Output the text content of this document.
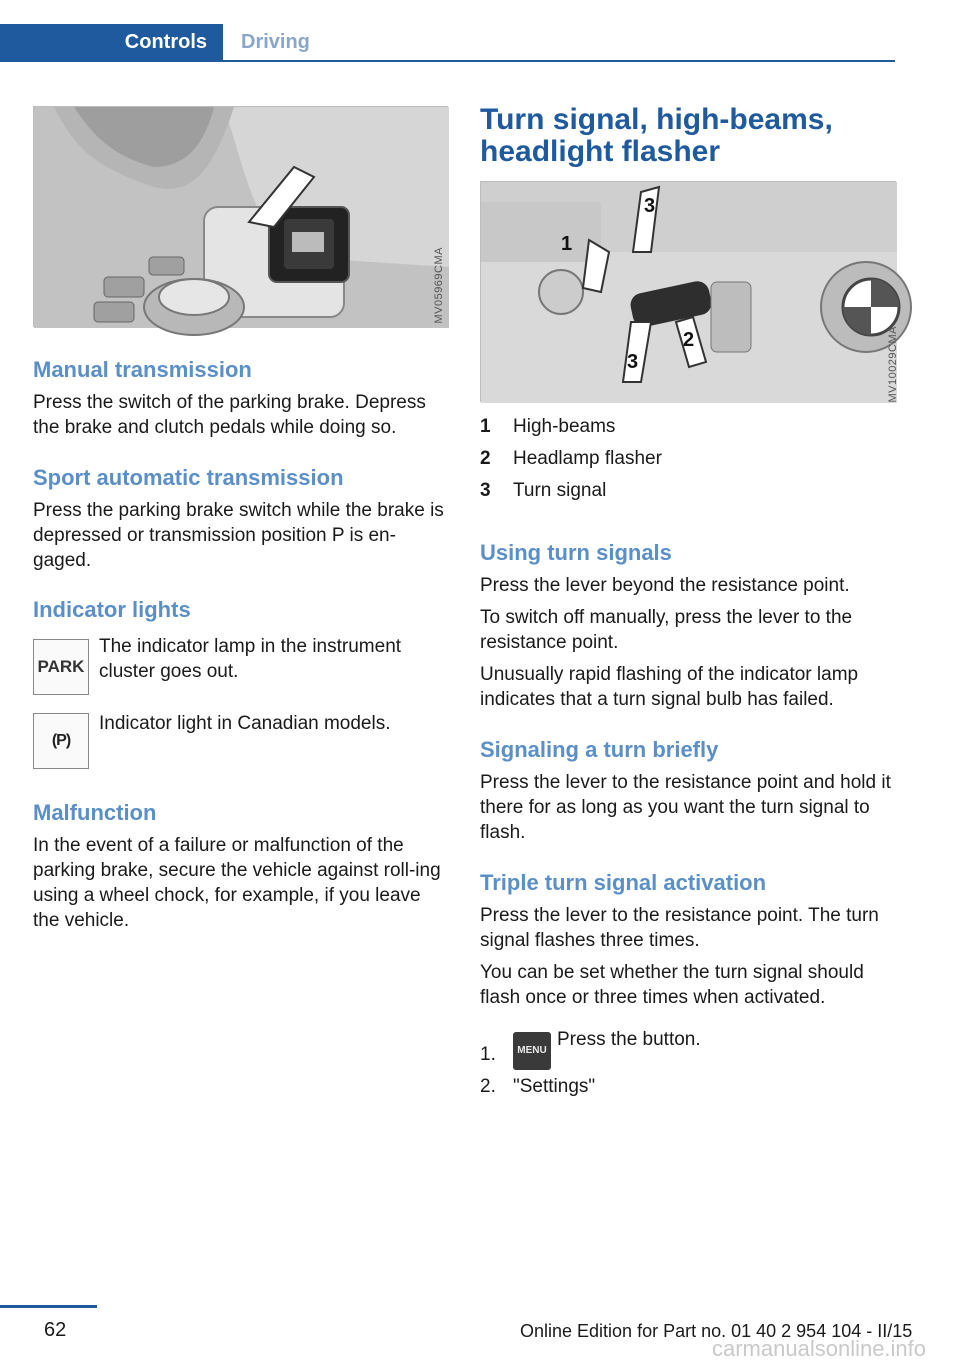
Controls	Driving
MV05969CMA
Manual transmission

Press the switch of the parking brake. Depress the brake and clutch pedals while doing so.

Sport automatic transmission

Press the parking brake switch while the brake is depressed or transmission position P is en‐gaged.

Indicator lights
PARK

The indicator lamp in the instrument cluster goes out.

(P)

Indicator light in Canadian models.

Malfunction

In the event of a failure or malfunction of the parking brake, secure the vehicle against roll‐ing using a wheel chock, for example, if you leave the vehicle.

Turn signal, high-beams, headlight flasher
1
2
3
3	MV10029CMA
1 High-beams
2 Headlamp flasher
3 Turn signal
Using turn signals

Press the lever beyond the resistance point.

To switch off manually, press the lever to the resistance point.

Unusually rapid flashing of the indicator lamp indicates that a turn signal bulb has failed.

Signaling a turn briefly

Press the lever to the resistance point and hold it there for as long as you want the turn signal to flash.

Triple turn signal activation

Press the lever to the resistance point. The turn signal flashes three times.

You can be set whether the turn signal should flash once or three times when activated.

1.	MENUPress the button.
2. "Settings"
62	Online Edition for Part no. 01 40 2 954 104 - II/15
carmanualsonline.info
